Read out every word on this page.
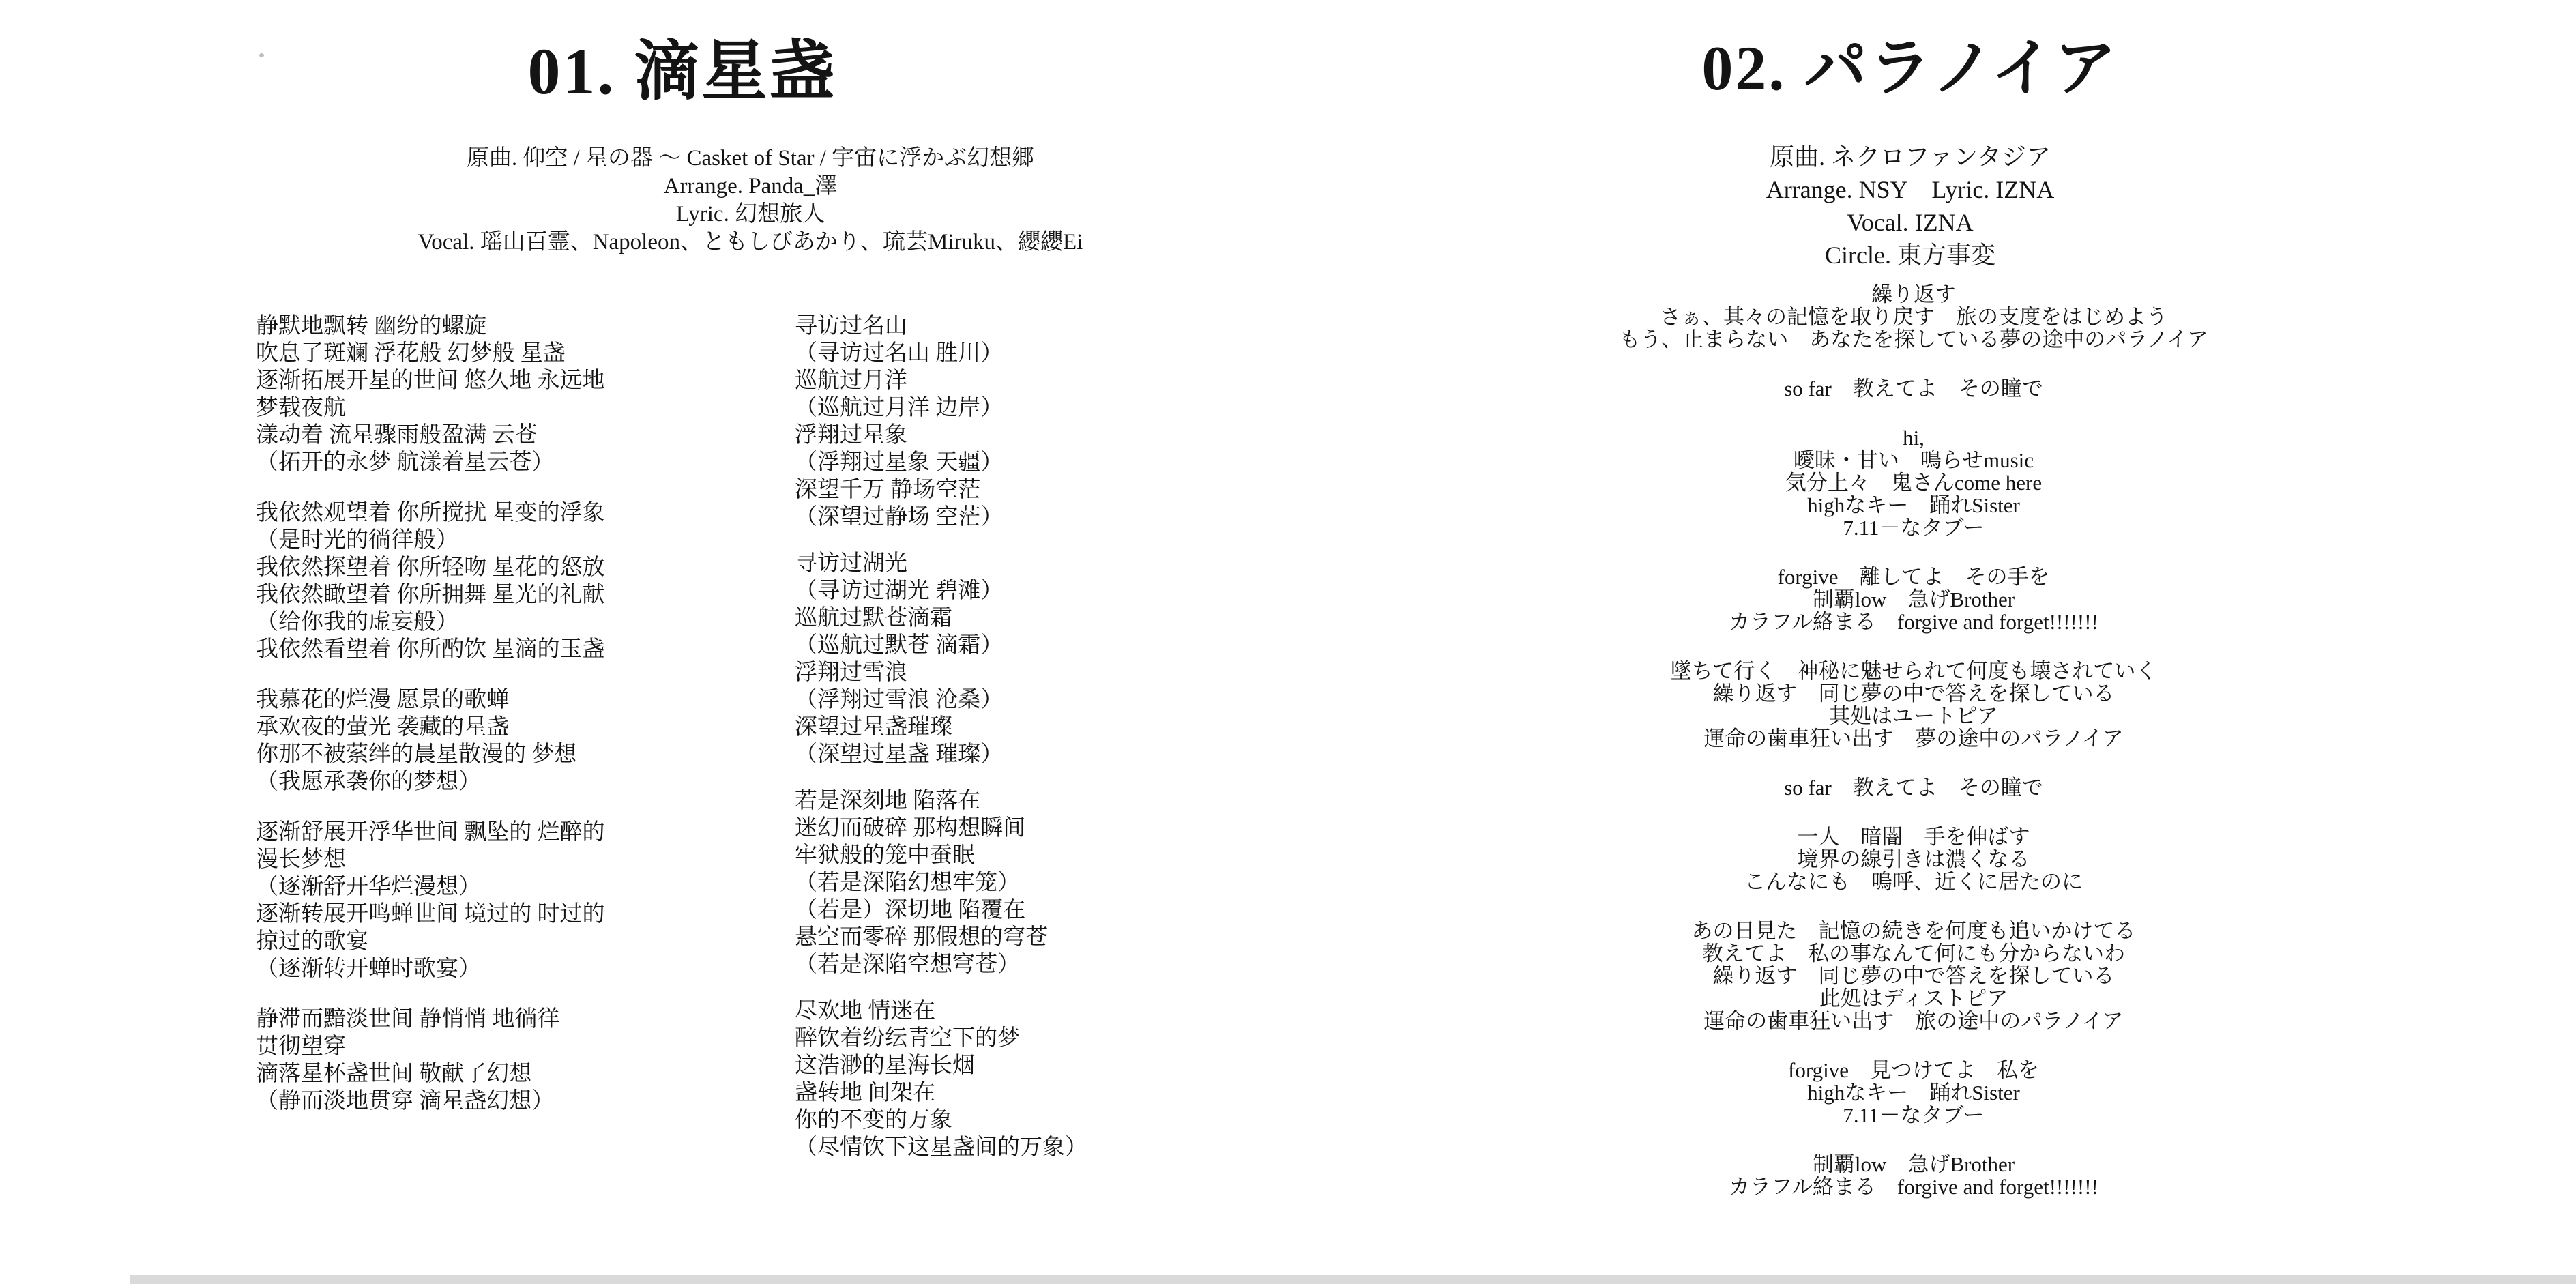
01. 滴星盏
原曲. 仰空 / 星の器 ～ Casket of Star / 宇宙に浮かぶ幻想郷
Arrange. Panda_澤
Lyric. 幻想旅人
Vocal. 瑶山百霊、Napoleon、ともしびあかり、琉芸Miruku、纓纓Ei
静默地飘转 幽纷的螺旋
吹息了斑斓 浮花般 幻梦般 星盏
逐渐拓展开星的世间 悠久地 永远地
梦载夜航
漾动着 流星骤雨般盈满 云苍
（拓开的永梦 航漾着星云苍）
我依然观望着 你所搅扰 星变的浮象
（是时光的徜徉般）
我依然探望着 你所轻吻 星花的怒放
我依然瞰望着 你所拥舞 星光的礼献
（给你我的虚妄般）
我依然看望着 你所酌饮 星滴的玉盏
我慕花的烂漫 愿景的歌蝉
承欢夜的萤光 袭藏的星盏
你那不被萦绊的晨星散漫的 梦想
（我愿承袭你的梦想）
逐渐舒展开浮华世间 飘坠的 烂醉的
漫长梦想
（逐渐舒开华烂漫想）
逐渐转展开鸣蝉世间 境过的 时过的
掠过的歌宴
（逐渐转开蝉时歌宴）
静滞而黯淡世间 静悄悄 地徜徉
贯彻望穿
滴落星杯盏世间 敬献了幻想
（静而淡地贯穿 滴星盏幻想）
寻访过名山
（寻访过名山 胜川）
巡航过月洋
（巡航过月洋 边岸）
浮翔过星象
（浮翔过星象 天疆）
深望千万 静场空茫
（深望过静场 空茫）
寻访过湖光
（寻访过湖光 碧滩）
巡航过默苍滴霜
（巡航过默苍 滴霜）
浮翔过雪浪
（浮翔过雪浪 沧桑）
深望过星盏璀璨
（深望过星盏 璀璨）
若是深刻地 陷落在
迷幻而破碎 那构想瞬间
牢狱般的笼中蚕眠
（若是深陷幻想牢笼）
（若是）深切地 陷覆在
悬空而零碎 那假想的穹苍
（若是深陷空想穹苍）
尽欢地 情迷在
醉饮着纷纭青空下的梦
这浩渺的星海长烟
盏转地 间架在
你的不变的万象
（尽情饮下这星盏间的万象）
02. パラノイア
原曲. ネクロファンタジア
Arrange. NSY　Lyric. IZNA
Vocal. IZNA
Circle. 東方事変
繰り返す
さぁ、其々の記憶を取り戻す　旅の支度をはじめよう
もう、止まらない　あなたを探している夢の途中のパラノイア
so far　教えてよ　その瞳で
hi,
曖昧・甘い　鳴らせmusic
気分上々　鬼さんcome here
highなキー　踊れSister
7.11－なタブー
forgive　離してよ　その手を
制覇low　急げBrother
カラフル絡まる　forgive and forget!!!!!!!
墜ちて行く　神秘に魅せられて何度も壊されていく
繰り返す　同じ夢の中で答えを探している
其処はユートピア
運命の歯車狂い出す　夢の途中のパラノイア
so far　教えてよ　その瞳で
一人　暗闇　手を伸ばす
境界の線引きは濃くなる
こんなにも　嗚呼、近くに居たのに
あの日見た　記憶の続きを何度も追いかけてる
教えてよ　私の事なんて何にも分からないわ
繰り返す　同じ夢の中で答えを探している
此処はディストピア
運命の歯車狂い出す　旅の途中のパラノイア
forgive　見つけてよ　私を
highなキー　踊れSister
7.11－なタブー
制覇low　急げBrother
カラフル絡まる　forgive and forget!!!!!!!
